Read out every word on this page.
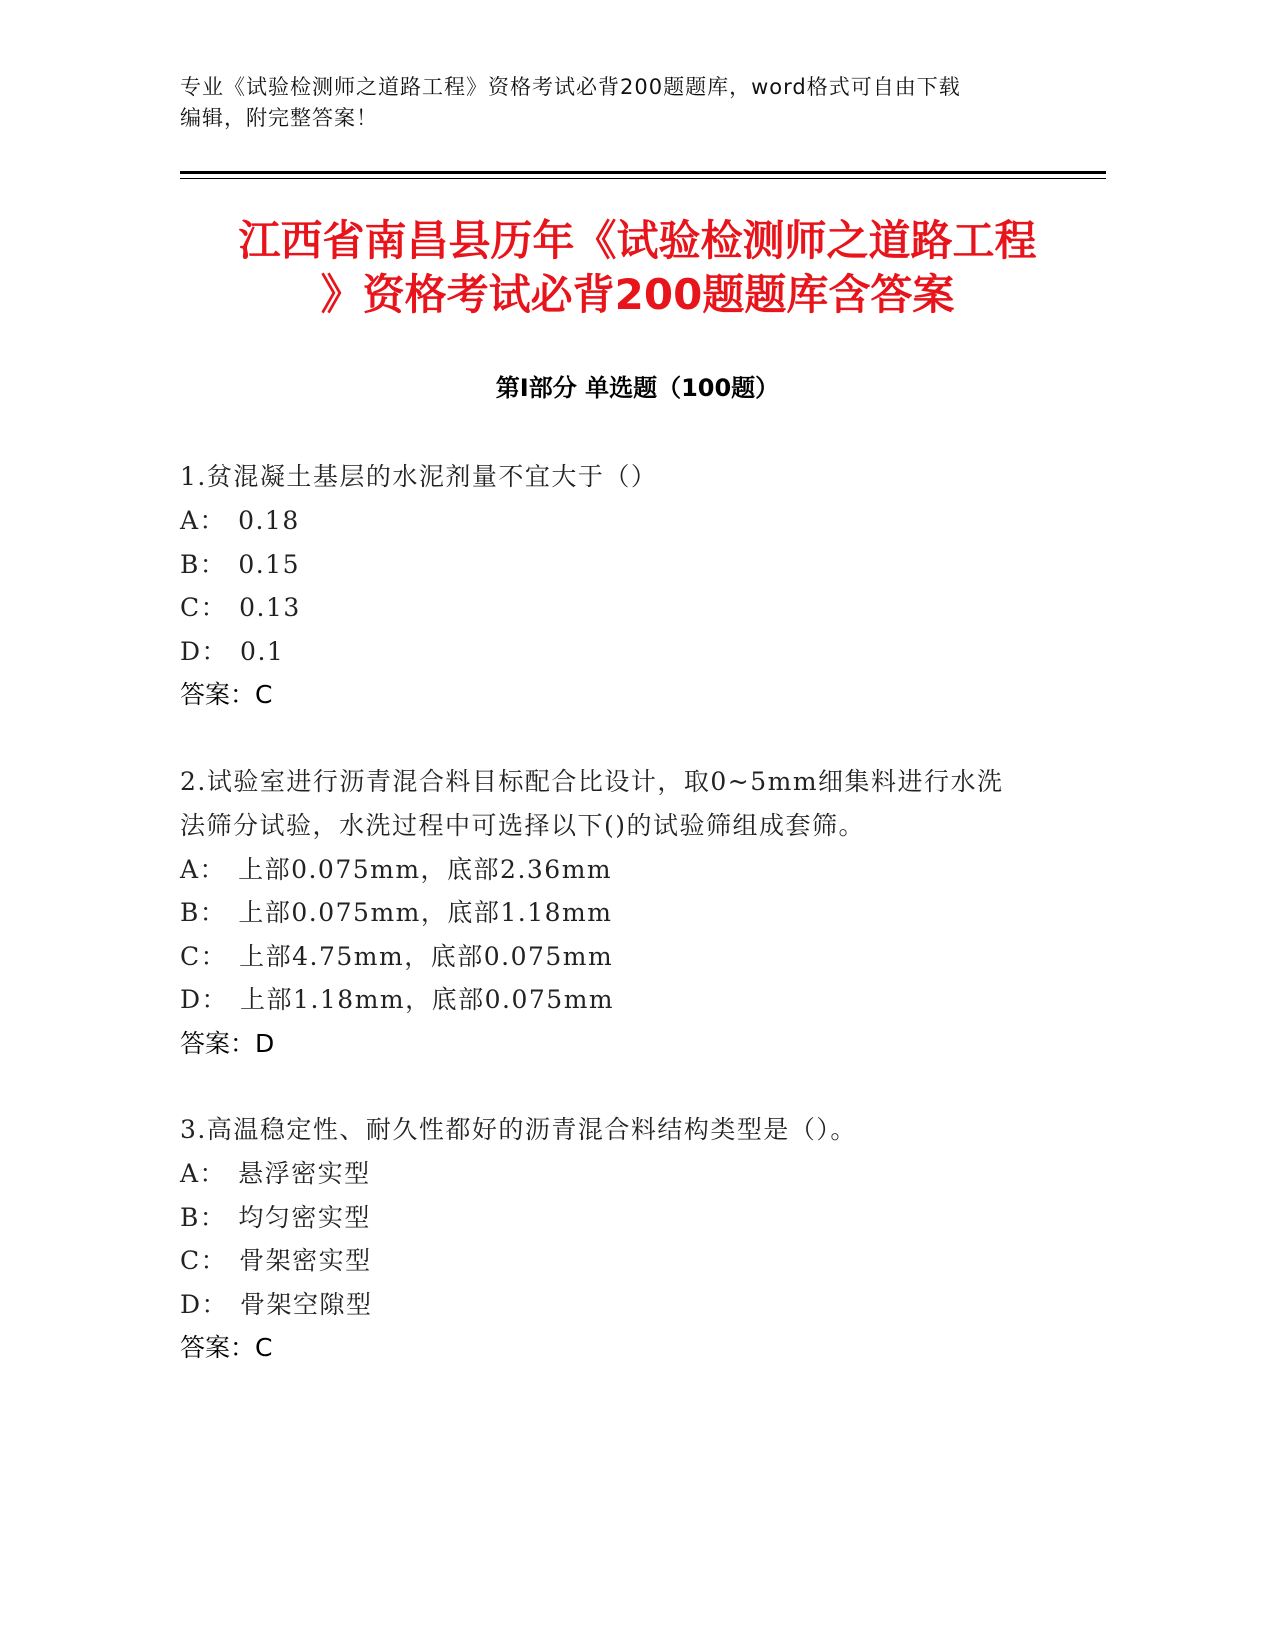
专业《试验检测师之道路工程》资格考试必背200题题库，word格式可自由下载
编辑，附完整答案！
江西省南昌县历年《试验检测师之道路工程
》资格考试必背200题题库含答案
第Ⅰ部分 单选题（100题）
1.贫混凝土基层的水泥剂量不宜大于（）
A： 0.18
B： 0.15
C： 0.13
D： 0.1
答案：C
2.试验室进行沥青混合料目标配合比设计，取0~5mm细集料进行水洗
法筛分试验，水洗过程中可选择以下()的试验筛组成套筛。
A： 上部0.075mm，底部2.36mm
B： 上部0.075mm，底部1.18mm
C： 上部4.75mm，底部0.075mm
D： 上部1.18mm，底部0.075mm
答案：D
3.高温稳定性、耐久性都好的沥青混合料结构类型是（）。
A： 悬浮密实型
B： 均匀密实型
C： 骨架密实型
D： 骨架空隙型
答案：C
